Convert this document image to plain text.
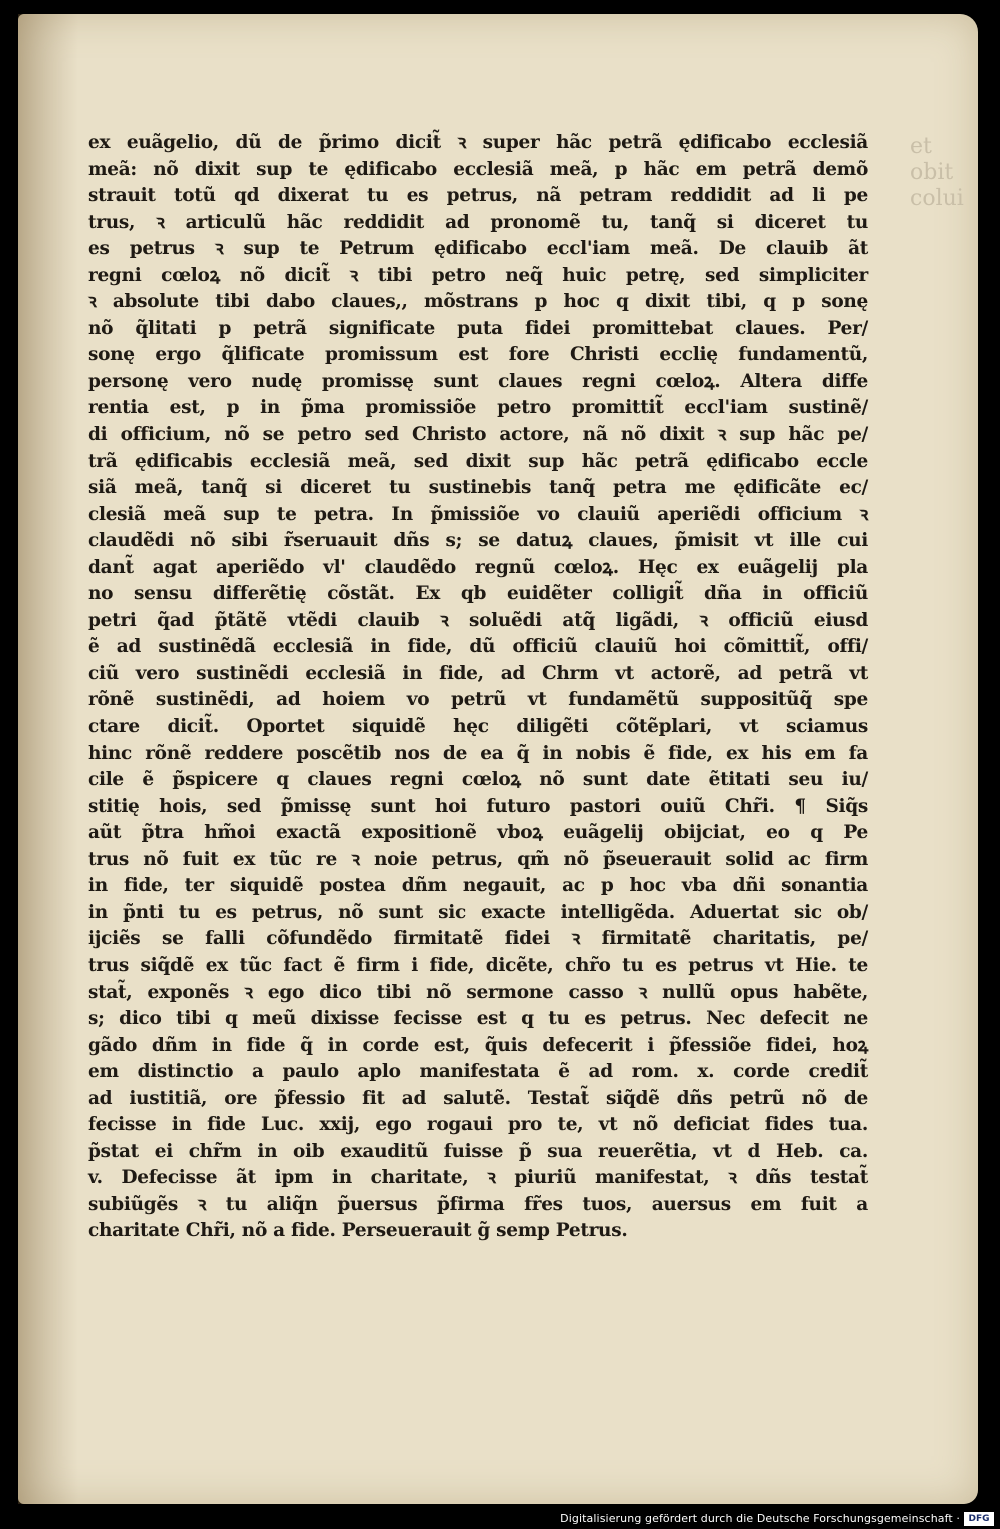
et
obit
colui
ex euãgelio, dũ de p̃rimo dicit̃ ꝛ super hãc petrã ędificabo ecclesiã
meã: nõ dixit sup te ędificabo ecclesiã meã, p hãc em petrã demõ
strauit totũ qd dixerat tu es petrus, nã petram reddidit ad li pe
trus, ꝛ articulũ hãc reddidit ad pronomẽ tu, tanq̃ si diceret tu
es petrus ꝛ sup te Petrum ędificabo eccl'iam meã. De clauib ãt
regni cœloꝝ nõ dicit̃ ꝛ tibi petro neq̃ huic petrę, sed simpliciter
ꝛ absolute tibi dabo claues,, mõstrans p hoc q dixit tibi, q p sonę
nõ q̃litati p petrã significate puta fidei promittebat claues. Per/
sonę ergo q̃lificate promissum est fore Christi ecclię fundamentũ,
personę vero nudę promissę sunt claues regni cœloꝝ. Altera diffe
rentia est, p in p̃ma promissiõe petro promittit̃ eccl'iam sustinẽ/
di officium, nõ se petro sed Christo actore, nã nõ dixit ꝛ sup hãc pe/
trã ędificabis ecclesiã meã, sed dixit sup hãc petrã ędificabo eccle
siã meã, tanq̃ si diceret tu sustinebis tanq̃ petra me ędificãte ec/
clesiã meã sup te petra. In p̃missiõe vo clauiũ aperiẽdi officium ꝛ
claudẽdi nõ sibi r̃seruauit dñs s; se datuꝝ claues, p̃misit vt ille cui
dant̃ agat aperiẽdo vl' claudẽdo regnũ cœloꝝ. Hęc ex euãgelij pla
no sensu differẽtię cõstãt. Ex qb euidẽter colligit̃ dña in officiũ
petri q̃ad p̃tãtẽ vtẽdi clauib ꝛ soluẽdi atq̃ ligãdi, ꝛ officiũ eiusd
ẽ ad sustinẽdã ecclesiã in fide, dũ officiũ clauiũ hoi cõmittit̃, offi/
ciũ vero sustinẽdi ecclesiã in fide, ad Chrm vt actorẽ, ad petrã vt
rõnẽ sustinẽdi, ad hoiem vo petrũ vt fundamẽtũ suppositũq̃ spe
ctare dicit̃. Oportet siquidẽ hęc diligẽti cõtẽplari, vt sciamus
hinc rõnẽ reddere poscẽtib nos de ea q̃ in nobis ẽ fide, ex his em fa
cile ẽ p̃spicere q claues regni cœloꝝ nõ sunt date ẽtitati seu iu/
stitię hois, sed p̃missę sunt hoi futuro pastori ouiũ Chr̃i. ¶ Siq̃s
aũt p̃tra hm̃oi exactã expositionẽ vboꝝ euãgelij obijciat, eo q Pe
trus nõ fuit ex tũc re ꝛ noie petrus, qm̃ nõ p̃seuerauit solid ac firm
in fide, ter siquidẽ postea dñm negauit, ac p hoc vba dñi sonantia
in p̃nti tu es petrus, nõ sunt sic exacte intelligẽda. Aduertat sic ob/
ijciẽs se falli cõfundẽdo firmitatẽ fidei ꝛ firmitatẽ charitatis, pe/
trus siq̃dẽ ex tũc fact ẽ firm i fide, dicẽte, chr̃o tu es petrus vt Hie. te
stat̃, exponẽs ꝛ ego dico tibi nõ sermone casso ꝛ nullũ opus habẽte,
s; dico tibi q meũ dixisse fecisse est q tu es petrus. Nec defecit ne
gãdo dñm in fide q̃ in corde est, q̃uis defecerit i p̃fessiõe fidei, hoꝝ
em distinctio a paulo aplo manifestata ẽ ad rom. x. corde credit̃
ad iustitiã, ore p̃fessio fit ad salutẽ. Testat̃ siq̃dẽ dñs petrũ nõ de
fecisse in fide Luc. xxij, ego rogaui pro te, vt nõ deficiat fides tua.
p̃stat ei chr̃m in oib exauditũ fuisse p̃ sua reuerẽtia, vt d Heb. ca.
v. Defecisse ãt ipm in charitate, ꝛ piuriũ manifestat, ꝛ dñs testat̃
subiũgẽs ꝛ tu aliq̃n p̃uersus p̃firma fr̃es tuos, auersus em fuit a
charitate Chr̃i, nõ a fide. Perseuerauit g̃ semp Petrus.
Digitalisierung gefördert durch die Deutsche Forschungsgemeinschaft · DFG
